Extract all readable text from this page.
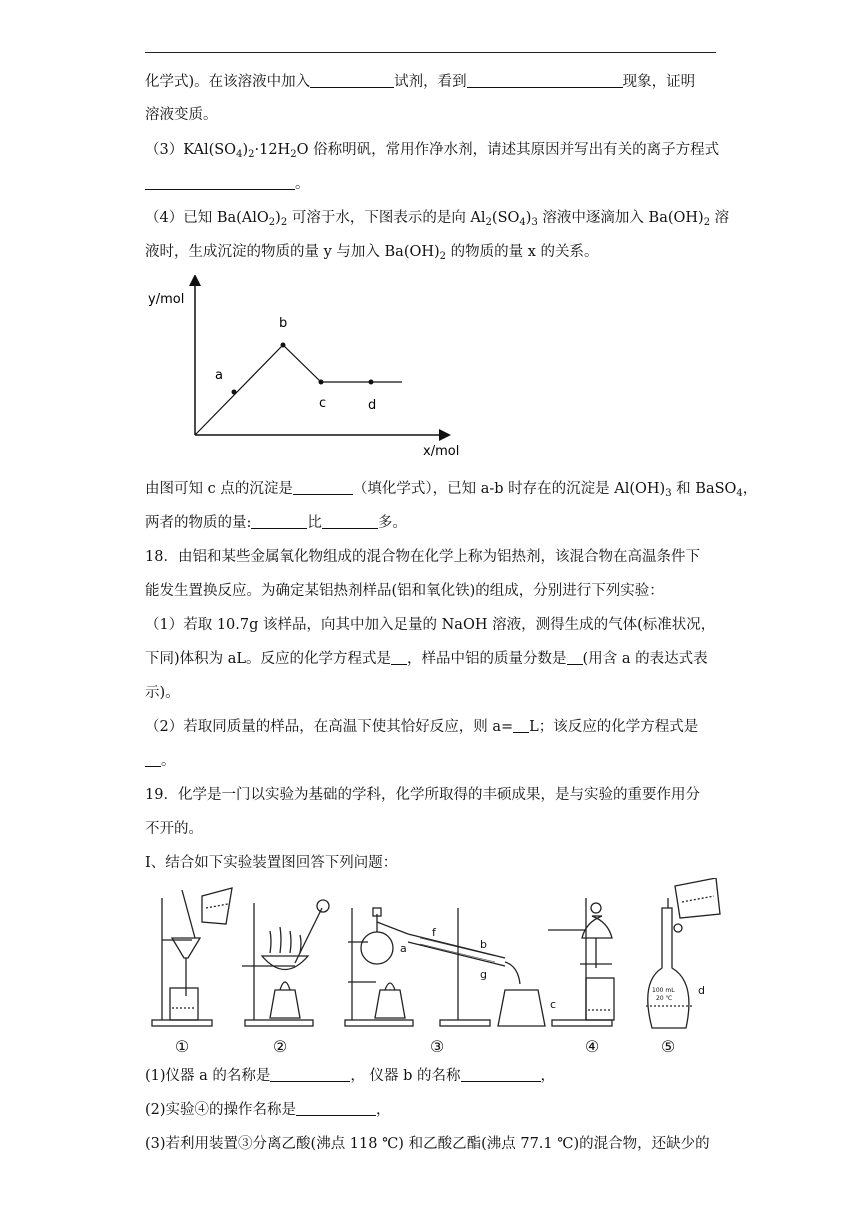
化学式)。在该溶液中加入	试剂，看到	现象，证明
溶液变质。
$(3)KAl(SO_4)_2\cdot 12H_2O$ 俗称明矾，常用作净水剂，请述其原因并写出有关的离子方程式
。
（4）已知 $Ba(AlO_2)_2$ 可溶于水，下图表示的是向 $Al_2(SO_4)_3$ 溶液中逐滴加入 $Ba(OH)_2$ 溶
液时，生成沉淀的物质的量 y 与加入 $Ba(OH)_2$ 的物质的量 x 的关系。
y/mol
x/mol
a
b
c	d
由图可知 c 点的沉淀是	（填化学式），已知 a-b 时存在的沉淀是 $Al(OH)_3$ 和 BaSO$_4$，
两者的物质的量:	比	多。
18．由铝和某些金属氧化物组成的混合物在化学上称为铝热剂，该混合物在高温条件下
能发生置换反应。为确定某铝热剂样品(铝和氧化铁)的组成，分别进行下列实验：
（1）若取 10.7g 该样品，向其中加入足量的 NaOH 溶液，测得生成的气体(标准状况，
下同)体积为 aL。反应的化学方程式是 ，样品中铝的质量分数是 (用含 a 的表达式表
示)。
（2）若取同质量的样品，在高温下使其恰好反应，则 a= L；该反应的化学方程式是
。
19．化学是一门以实验为基础的学科，化学所取得的丰硕成果，是与实验的重要作用分
不开的。
I、结合如下实验装置图回答下列问题：
a	b
f
g
c
d
100 mL
20 ℃
①	②	③	④	⑤
(1)仪器 a 的名称是	， 仪器 b 的名称	，
(2)实验④的操作名称是	，
(3)若利用装置③分离乙酸(沸点 118 ℃) 和乙酸乙酯(沸点 77.1 ℃)的混合物，还缺少的
